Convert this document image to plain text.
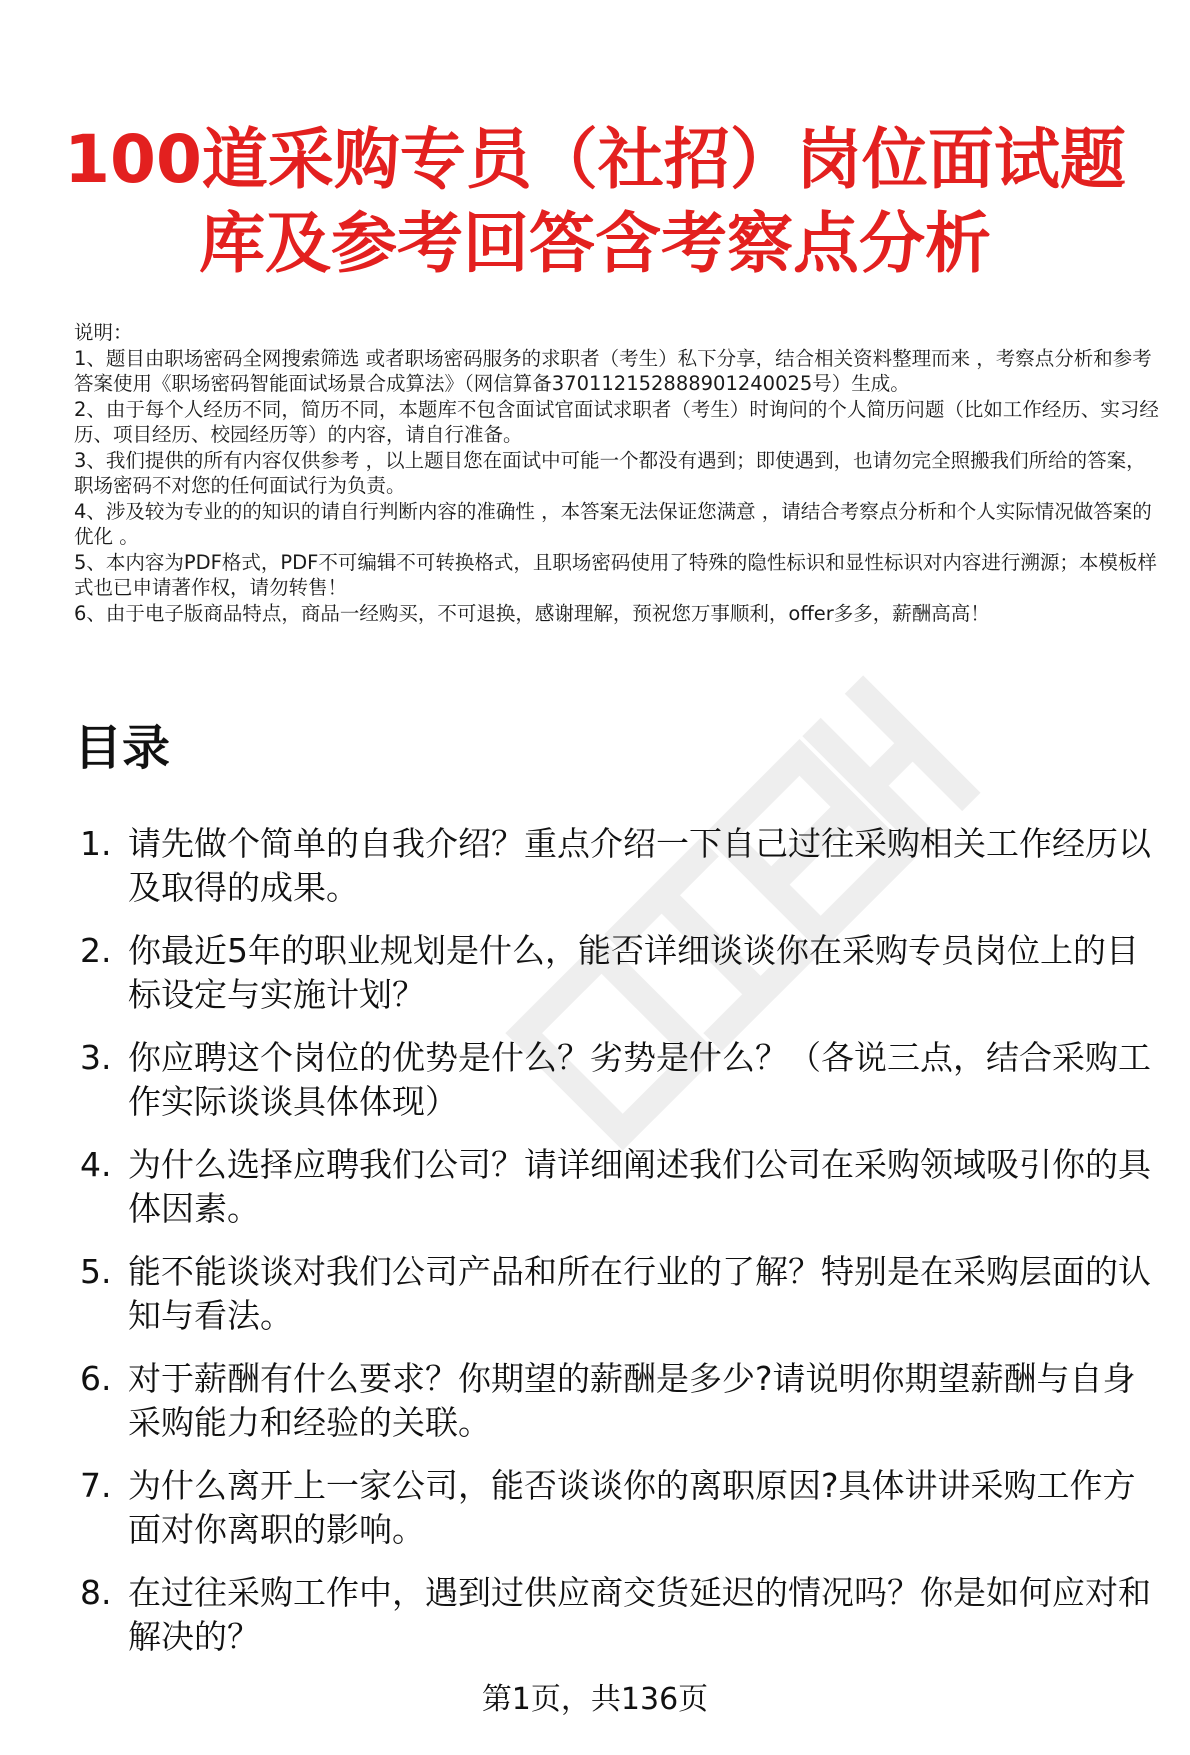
100道采购专员（社招）岗位面试题
库及参考回答含考察点分析

说明：

1、题目由职场密码全网搜索筛选 或者职场密码服务的求职者（考生）私下分享，结合相关资料整理而来 ，考察点分析和参考答案使用《职场密码智能面试场景合成算法》（网信算备370112152888901240025号）生成。

2、由于每个人经历不同，简历不同，本题库不包含面试官面试求职者（考生）时询问的个人简历问题（比如工作经历、实习经历、项目经历、校园经历等）的内容，请自行准备。

3、我们提供的所有内容仅供参考 ，以上题目您在面试中可能一个都没有遇到；即使遇到，也请勿完全照搬我们所给的答案，职场密码不对您的任何面试行为负责。

4、涉及较为专业的的知识的请自行判断内容的准确性 ，本答案无法保证您满意 ，请结合考察点分析和个人实际情况做答案的优化 。

5、本内容为PDF格式，PDF不可编辑不可转换格式，且职场密码使用了特殊的隐性标识和显性标识对内容进行溯源；本模板样式也已申请著作权，请勿转售！

6、由于电子版商品特点，商品一经购买，不可退换，感谢理解，预祝您万事顺利，offer多多，薪酬高高！

目录
1. 请先做个简单的自我介绍？重点介绍一下自己过往采购相关工作经历以及取得的成果。
2. 你最近5年的职业规划是什么，能否详细谈谈你在采购专员岗位上的目标设定与实施计划？
3. 你应聘这个岗位的优势是什么？劣势是什么？（各说三点，结合采购工作实际谈谈具体体现）
4. 为什么选择应聘我们公司？请详细阐述我们公司在采购领域吸引你的具体因素。
5. 能不能谈谈对我们公司产品和所在行业的了解？特别是在采购层面的认知与看法。
6. 对于薪酬有什么要求？你期望的薪酬是多少?请说明你期望薪酬与自身采购能力和经验的关联。
7. 为什么离开上一家公司，能否谈谈你的离职原因?具体讲讲采购工作方面对你离职的影响。
8. 在过往采购工作中，遇到过供应商交货延迟的情况吗？你是如何应对和解决的？
第1页，共136页
